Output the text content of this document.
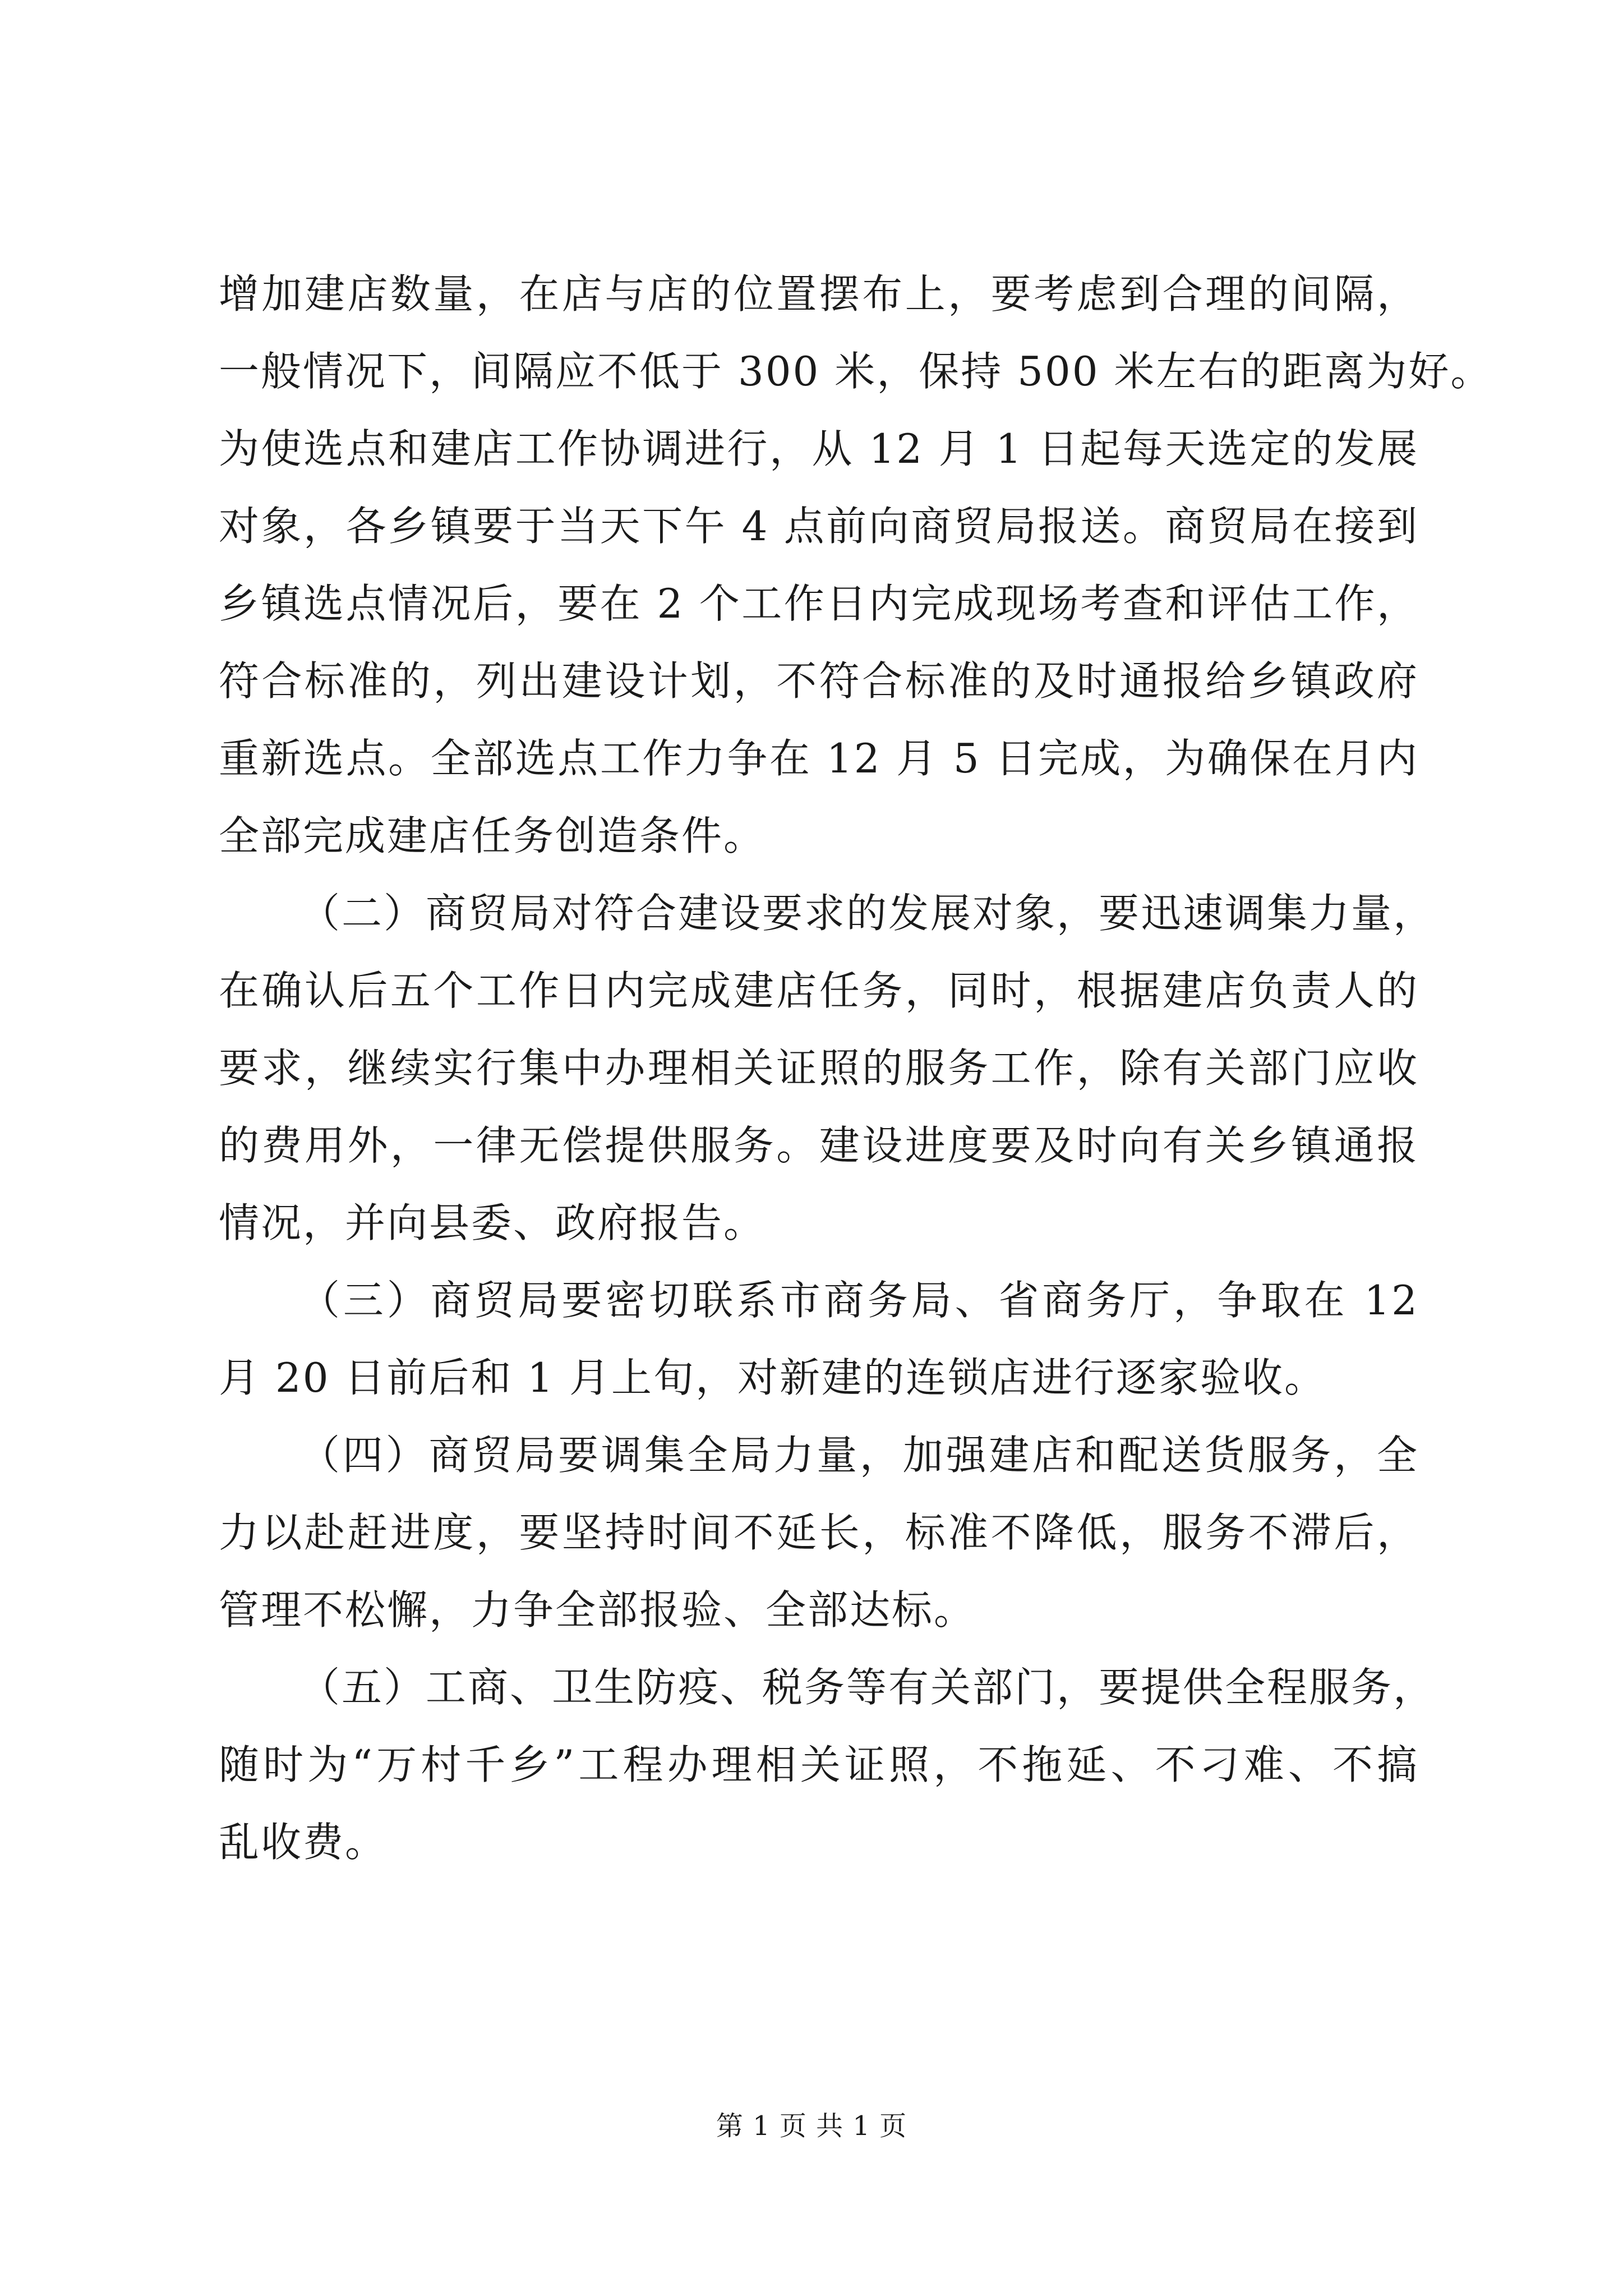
增加建店数量，在店与店的位置摆布上，要考虑到合理的间隔，
一般情况下，间隔应不低于 300 米，保持 500 米左右的距离为好。
为使选点和建店工作协调进行，从 12 月 1 日起每天选定的发展
对象，各乡镇要于当天下午 4 点前向商贸局报送。商贸局在接到
乡镇选点情况后，要在 2 个工作日内完成现场考查和评估工作，
符合标准的，列出建设计划，不符合标准的及时通报给乡镇政府
重新选点。全部选点工作力争在 12 月 5 日完成，为确保在月内
全部完成建店任务创造条件。
（二）商贸局对符合建设要求的发展对象，要迅速调集力量，
在确认后五个工作日内完成建店任务，同时，根据建店负责人的
要求，继续实行集中办理相关证照的服务工作，除有关部门应收
的费用外，一律无偿提供服务。建设进度要及时向有关乡镇通报
情况，并向县委、政府报告。
（三）商贸局要密切联系市商务局、省商务厅，争取在 12
月 20 日前后和 1 月上旬，对新建的连锁店进行逐家验收。
（四）商贸局要调集全局力量，加强建店和配送货服务，全
力以赴赶进度，要坚持时间不延长，标准不降低，服务不滞后，
管理不松懈，力争全部报验、全部达标。
（五）工商、卫生防疫、税务等有关部门，要提供全程服务，
随时为“万村千乡”工程办理相关证照，不拖延、不刁难、不搞
乱收费。
第 1 页 共 1 页
